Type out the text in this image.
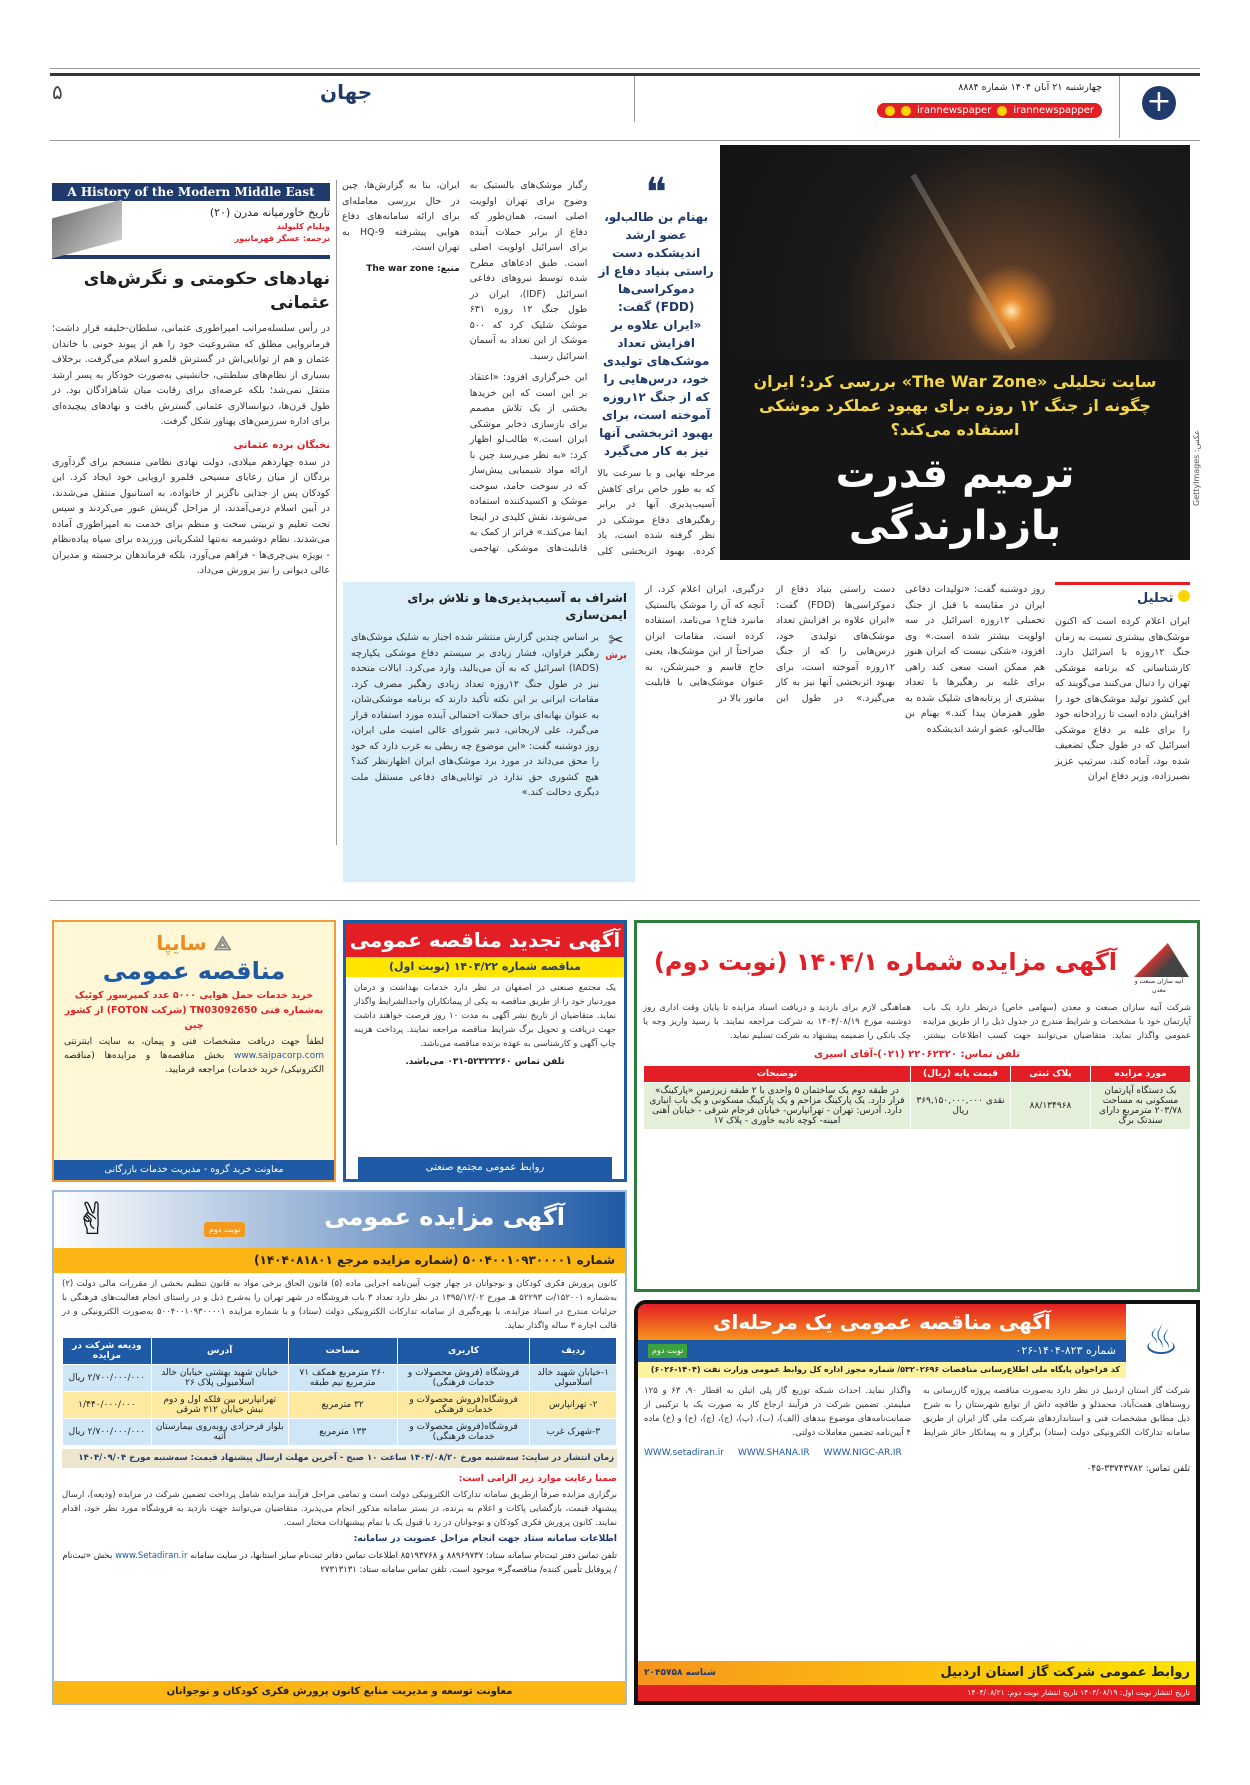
+
چهارشنبه ۲۱ آبان ۱۴۰۴ شماره ۸۸۸۴
irannewspaper irannewspapper
جهان
۵
سایت تحلیلی «The War Zone» بررسی کرد؛ ایران چگونه از جنگ ۱۲ روزه برای بهبود عملکرد موشکی استفاده می‌کند؟
ترمیم قدرت بازدارندگی
عکس: GettyImages
❝
بهنام بن طالب‌لو، عضو ارشد اندیشکده دست راستی بنیاد دفاع از دموکراسی‌ها (FDD) گفت: «ایران علاوه بر افزایش تعداد موشک‌های تولیدی خود، درس‌هایی را که از جنگ ۱۲روزه آموخته است، برای بهبود اثربخشی آنها نیز به کار می‌گیرد
مرحله نهایی و با سرعت بالا که به طور خاص برای کاهش آسیب‌پذیری آنها در برابر رهگیرهای دفاع موشکی در نظر گرفته شده است، یاد کرده. بهبود اثربخشی کلی رگبار موشک‌های بالستیک به وضوح برای تهران اولویت اصلی است، همان‌طور که دفاع از برابر حملات آینده برای اسرائیل اولویت اصلی است. طبق ادعاهای مطرح شده توسط نیروهای دفاعی اسرائیل (IDF)، ایران در طول جنگ ۱۲ روزه ۶۳۱ موشک شلیک کرد که ۵۰۰ موشک از این تعداد به آسمان اسرائیل رسید.
این خبرگزاری افزود: «اعتقاد بر این است که این خریدها بخشی از یک تلاش مصمم برای بازسازی ذخایر موشکی ایران است.» طالب‌لو اظهار کرد: «به نظر می‌رسد چین با ارائه مواد شیمیایی پیش‌ساز که در سوخت جامد، سوخت موشک و اکسیدکننده استفاده می‌شوند، نقش کلیدی در اینجا ایفا می‌کند.» فراتر از کمک به قابلیت‌های موشکی تهاجمی ایران، بنا به گزارش‌ها، چین در حال بررسی معامله‌ای برای ارائه سامانه‌های دفاع هوایی پیشرفته HQ-9 به تهران است.
منبع: The war zone
A History of the Modern Middle East
تاریخ خاورمیانه مدرن (۲۰)
ویلیام کلیولند
ترجمه: عسگر قهرمانپور
نهادهای حکومتی و نگرش‌های عثمانی
در رأس سلسله‌مراتب امپراطوری عثمانی، سلطان-خلیفه قرار داشت؛ فرمانروایی مطلق که مشروعیت خود را هم از پیوند خونی با خاندان عثمان و هم از توانایی‌اش در گسترش قلمرو اسلام می‌گرفت. برخلاف بسیاری از نظام‌های سلطنتی، جانشینی به‌صورت خودکار به پسر ارشد منتقل نمی‌شد؛ بلکه عرصه‌ای برای رقابت میان شاهزادگان بود. در طول قرن‌ها، دیوانسالاری عثمانی گسترش یافت و نهادهای پیچیده‌ای برای اداره سرزمین‌های پهناور شکل گرفت.
نخبگان برده عثمانی
در سده چهاردهم میلادی، دولت نهادی نظامی منسجم برای گردآوری بردگان از میان رعایای مسیحی قلمرو اروپایی خود ایجاد کرد. این کودکان پس از جدایی ناگزیر از خانواده، به استانبول منتقل می‌شدند، در آیین اسلام درمی‌آمدند، از مراحل گزینش عبور می‌کردند و سپس تحت تعلیم و تربیتی سخت و منظم برای خدمت به امپراطوری آماده می‌شدند. نظام دوشیرمه نه‌تنها لشکریانی ورزیده برای سپاه پیاده‌نظام - بویژه ینی‌چری‌ها - فراهم می‌آورد، بلکه فرماندهان برجسته و مدیران عالی دیوانی را نیز پرورش می‌داد.
تحلیل
ایران اعلام کرده است که اکنون موشک‌های بیشتری نسبت به زمان جنگ ۱۲روزه با اسرائیل دارد. کارشناسانی که برنامه موشکی تهران را دنبال می‌کنند می‌گویند که این کشور تولید موشک‌های خود را افزایش داده است تا زرادخانه خود را برای غلبه بر دفاع موشکی اسرائیل که در طول جنگ تضعیف شده بود، آماده کند. سرتیپ عزیز نصیرزاده، وزیر دفاع ایران
روز دوشنبه گفت: «تولیدات دفاعی ایران در مقایسه با قبل از جنگ تحمیلی ۱۲روزه اسرائیل در سه اولویت بیشتر شده است.» وی افزود، «شکی نیست که ایران هنوز هم ممکن است سعی کند راهی برای غلبه بر رهگیرها با تعداد بیشتری از پرتابه‌های شلیک شده به طور همزمان پیدا کند.» بهنام بن طالب‌لو، عضو ارشد اندیشکده
دست راستی بنیاد دفاع از دموکراسی‌ها (FDD) گفت: «ایران علاوه بر افزایش تعداد موشک‌های تولیدی خود، درس‌هایی را که از جنگ ۱۲روزه آموخته است، برای بهبود اثربخشی آنها نیز به کار می‌گیرد.» در طول این درگیری، ایران اعلام کرد، از آنچه که آن را موشک بالستیک مانبرد فتاح۱ می‌نامد، استفاده کرده است. مقامات ایران صراحتاً از این موشک‌ها، یعنی حاج قاسم و خیبرشکن، به عنوان موشک‌هایی با قابلیت مانور بالا در
اشراف به آسیب‌پذیری‌ها و تلاش برای ایمن‌سازی
✂
برش
بر اساس چندین گزارش منتشر شده اجبار به شلیک موشک‌های رهگیر فراوان، فشار زیادی بر سیستم دفاع موشکی یکپارچه (IADS) اسرائیل که به آن می‌بالید، وارد می‌کرد. ایالات متحده نیز در طول جنگ ۱۲روزه تعداد زیادی رهگیر مصرف کرد. مقامات ایرانی بر این نکته تأکید دارند که برنامه موشکی‌شان، به عنوان بهانه‌ای برای حملات احتمالی آینده مورد استفاده قرار می‌گیرد. علی لاریجانی، دبیر شورای عالی امنیت ملی ایران، روز دوشنبه گفت: «این موضوع چه ربطی به غرب دارد که خود را محق می‌داند در مورد برد موشک‌های ایران اظهارنظر کند؟ هیچ کشوری حق ندارد در توانایی‌های دفاعی مستقل ملت دیگری دخالت کند.»
آتیه سازان صنعت و معدن
آگهی مزایده شماره ۱۴۰۴/۱ (نوبت دوم)
شرکت آتیه سازان صنعت و معدن (سهامی خاص) درنظر دارد یک باب آپارتمان خود با مشخصات و شرایط مندرج در جدول ذیل را از طریق مزایده عمومی واگذار نماید. متقاضیان می‌توانند جهت کسب اطلاعات بیشتر، هماهنگی لازم برای بازدید و دریافت اسناد مزایده تا پایان وقت اداری روز دوشنبه مورخ ۱۴۰۴/۰۸/۱۹ به شرکت مراجعه نمایند. با رسید واریز وجه یا چک بانکی را ضمیمه پیشنهاد به شرکت تسلیم نماید.
تلفن تماس: ۲۲۰۶۲۳۲۰ (۰۲۱)-آقای اسیری
مورد مزایده	پلاک ثبتی	قیمت پایه (ریال)	توضیحات
یک دستگاه آپارتمان مسکونی به مساحت ۲۰۳/۷۸ مترمربع دارای سندتک برگ	۸۸/۱۳۴۹۶۸	نقدی ۳۶۹,۱۵۰,۰۰۰,۰۰۰ ریال	در طبقه دوم یک ساختمان ۵ واحدی با ۲ طبقه زیرزمین «پارکینگ» قرار دارد. یک پارکینگ مزاحم و یک پارکینگ مسکونی و یک باب انباری دارد. آدرس: تهران - تهرانپارس- خیابان فرجام شرقی - خیابان آهنی امینه- کوچه نادیه خاوری - پلاک ۱۷
آگهی تجدید مناقصه عمومی
مناقصه شماره ۱۴۰۴/۲۲ (نوبت اول)
یک مجتمع صنعتی در اصفهان در نظر دارد خدمات بهداشت و درمان موردنیاز خود را از طریق مناقصه به یکی از پیمانکاران واجدالشرایط واگذار نماید. متقاضیان از تاریخ نشر آگهی به مدت ۱۰ روز فرصت خواهند داشت جهت دریافت و تحویل برگ شرایط مناقصه مراجعه نمایند. پرداخت هزینه چاپ آگهی و کارشناسی به عهده برنده مناقصه می‌باشد.
تلفن تماس ۵۲۳۲۲۲۶۰-۰۳۱ می‌باشد.
روابط عمومی مجتمع صنعتی
⟁ سایپا
مناقصه عمومی
خرید خدمات حمل هوایی ۵۰۰۰ عدد کمپرسور کوئیک به‌شماره فنی TN03092650 (شرکت FOTON) از کشور چین
لطفاً جهت دریافت مشخصات فنی و پیمان، به سایت اینترنتی www.saipacorp.com بخش مناقصه‌ها و مزایده‌ها (مناقصه الکترونیکی/ خرید خدمات) مراجعه فرمایید.
معاونت خرید گروه - مدیریت خدمات بازرگانی
آگهی مزایده عمومی
نوبت دوم
✌
شماره ۵۰۰۴۰۰۱۰۹۳۰۰۰۰۱ (شماره مزایده مرجع ۱۴۰۴۰۸۱۸۰۱)
کانون پرورش فکری کودکان و نوجوانان در چهار چوب آیین‌نامه اجرایی ماده (۵) قانون الحاق برخی مواد به قانون تنظیم بخشی از مقررات مالی دولت (۲) به‌شماره ۱۵۲۰۰۱/ت ۵۲۲۹۳ هـ مورخ ۱۳۹۵/۱۲/۰۲ در نظر دارد تعداد ۳ باب فروشگاه در شهر تهران را به‌شرح ذیل و در راستای انجام فعالیت‌های فرهنگی با جزئیات مندرج در اسناد مزایده، با بهره‌گیری از سامانه تدارکات الکترونیکی دولت (ستاد) و با شماره مزایده ۵۰۰۴۰۰۱۰۹۳۰۰۰۰۱ به‌صورت الکترونیکی و در قالب اجاره ۳ ساله واگذار نماید.
ردیف	کاربری	مساحت	آدرس	ودیعه شرکت در مزایده
۱-خیابان شهید خالد اسلامبولی	فروشگاه (فروش محصولات و خدمات فرهنگی)	۲۶۰ مترمربع همکف ۷۱ مترمربع نیم طبقه	خیابان شهید بهشتی خیابان خالد اسلامبولی پلاک ۲۶	۲/۷۰۰/۰۰۰/۰۰۰ ریال
۲- تهرانپارس	فروشگاه(فروش محصولات و خدمات فرهنگی	۳۲ مترمربع	تهرانپارس بین فلکه اول و دوم نبش خیابان ۲۱۲ شرقی	۱/۴۴۰/۰۰۰/۰۰۰
۳-شهرک غرب	فروشگاه(فروش محصولات و خدمات فرهنگی)	۱۳۳ مترمربع	بلوار فرحزادی روبه‌روی بیمارستان آتیه	۲/۷۰۰/۰۰۰/۰۰۰ ریال
زمان انتشار در سایت: سه‌شنبه مورخ ۱۴۰۴/۰۸/۲۰ ساعت ۱۰ صبح - آخرین مهلت ارسال پیشنهاد قیمت: سه‌شنبه مورخ ۱۴۰۴/۰۹/۰۴
ضمنا رعایت موارد زیر الزامی است:
برگزاری مزایده صرفاً ازطریق سامانه تدارکات الکترونیکی دولت است و تمامی مراحل فرآیند مزایده شامل پرداخت تضمین شرکت در مزایده (ودیعه)، ارسال پیشنهاد قیمت، بازگشایی پاکات و اعلام به برنده، در بستر سامانه مذکور انجام می‌پذیرد. متقاضیان می‌توانند جهت بازدید به فروشگاه مورد نظر خود، اقدام نمایند. کانون پرورش فکری کودکان و نوجوانان در رد یا قبول یک یا تمام پیشنهادات مختار است.
اطلاعات سامانه ستاد جهت انجام مراحل عضویت در سامانه:
تلفن تماس دفتر ثبت‌نام سامانه ستاد: ۸۸۹۶۹۷۳۷ و ۸۵۱۹۳۷۶۸ اطلاعات تماس دفاتر ثبت‌نام سایر استانها، در سایت سامانه www.Setadiran.ir بخش «ثبت‌نام / پروفایل تأمین کننده/ مناقصه‌گر» موجود است. تلفن تماس سامانه ستاد: ۲۷۳۱۳۱۳۱
معاونت توسعه و مدیریت منابع کانون پرورش فکری کودکان و نوجوانان
♨
آگهی مناقصه عمومی یک مرحله‌ای
شماره ۸۲۳-۱۴۰۴-۰۲۶
نوبت دوم
کد فراخوان پایگاه ملی اطلاع‌رسانی مناقصات ۵۳۲۰۲۶۹۶/ شماره مجوز اداره کل روابط عمومی وزارت نفت (۱۴۰۴-۶۰۲۶)
شرکت گاز استان اردبیل در نظر دارد به‌صورت مناقصه پروژه گازرسانی به روستاهای همت‌آباد، محمدلو و طاقچه داش از توابع شهرستان را به شرح ذیل مطابق مشخصات فنی و استانداردهای شرکت ملی گاز ایران از طریق سامانه تدارکات الکترونیکی دولت (ستاد) برگزار و به پیمانکار حائز شرایط واگذار نماید. احداث شبکه توزیع گاز پلی اتیلن به اقطار ۹۰، ۶۳ و ۱۲۵ میلیمتر. تضمین شرکت در فرآیند ارجاع کار به صورت یک یا ترکیبی از ضمانت‌نامه‌های موضوع بندهای (الف)، (ب)، (پ)، (ج)، (چ)، (ح) و (خ) ماده ۴ آیین‌نامه تضمین معاملات دولتی.
WWW.setadiran.ir WWW.SHANA.IR WWW.NIGC-AR.IR
تلفن تماس: ۳۳۷۴۳۷۸۲-۰۴۵
روابط عمومی شرکت گاز استان اردبیل
شناسه ۲۰۴۵۷۵۸
تاریخ انتشار نوبت اول: ۱۴۰۴/۰۸/۱۹ تاریخ انتشار نوبت دوم: ۱۴۰۴/۰۸/۲۱
